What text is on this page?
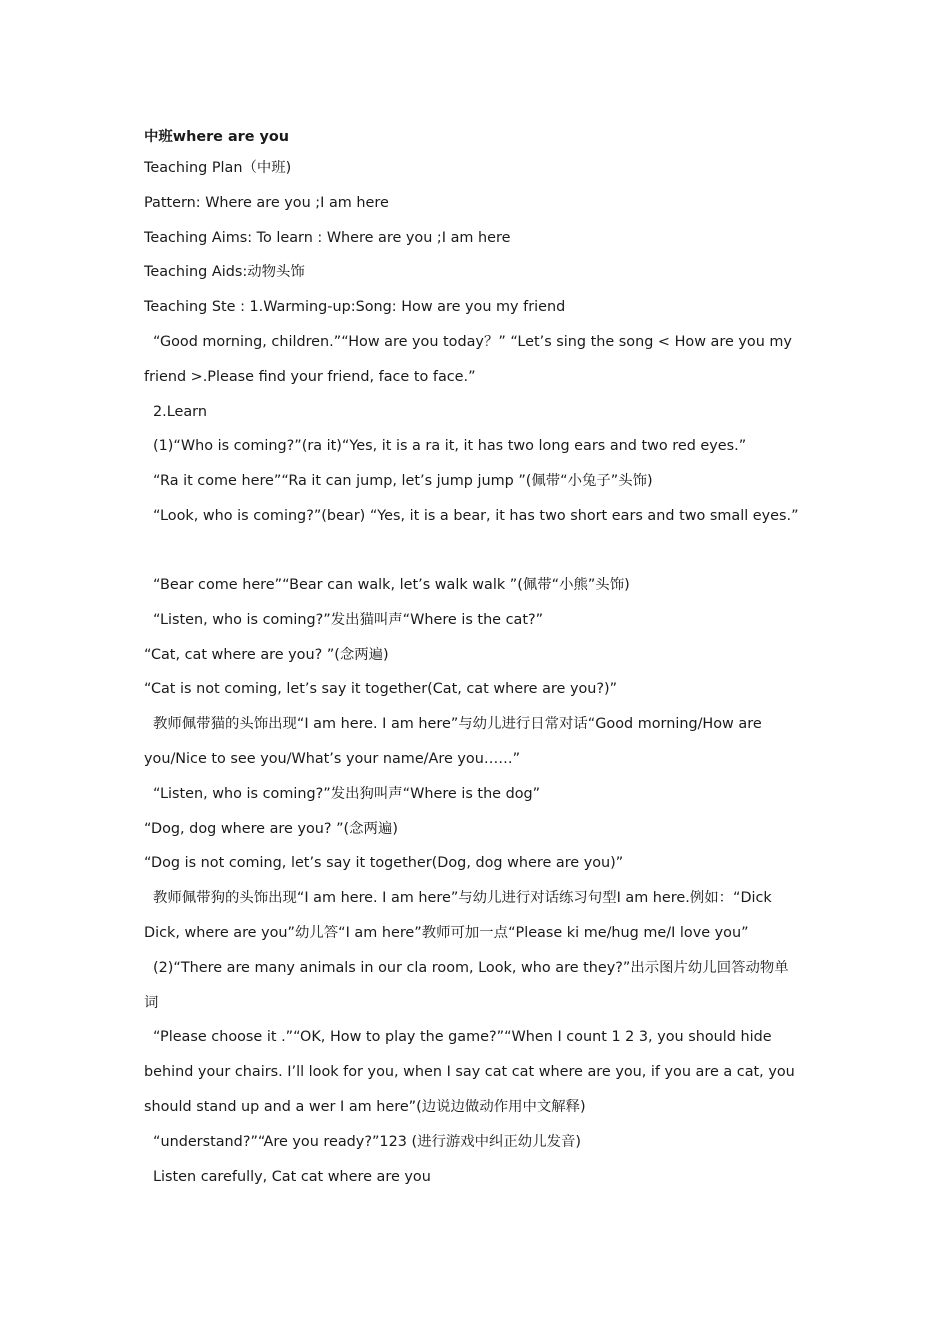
中班where are you
Teaching Plan（中班)
Pattern: Where are you ;I am here
Teaching Aims: To learn : Where are you ;I am here
Teaching Aids:动物头饰
Teaching Ste : 1.Warming-up:Song: How are you my friend
“Good morning, children.”“How are you today？” “Let’s sing the song < How are you my
friend >.Please find your friend, face to face.”
2.Learn
(1)“Who is coming?”(ra it)“Yes, it is a ra it, it has two long ears and two red eyes.”
“Ra it come here”“Ra it can jump, let’s jump jump ”(佩带“小兔子”头饰)
“Look, who is coming?”(bear) “Yes, it is a bear, it has two short ears and two small eyes.”
“Bear come here”“Bear can walk, let’s walk walk ”(佩带“小熊”头饰)
“Listen, who is coming?”发出猫叫声“Where is the cat?”
“Cat, cat where are you? ”(念两遍)
“Cat is not coming, let’s say it together(Cat, cat where are you?)”
教师佩带猫的头饰出现“I am here. I am here”与幼儿进行日常对话“Good morning/How are
you/Nice to see you/What’s your name/Are you……”
“Listen, who is coming?”发出狗叫声“Where is the dog”
“Dog, dog where are you? ”(念两遍)
“Dog is not coming, let’s say it together(Dog, dog where are you)”
教师佩带狗的头饰出现“I am here. I am here”与幼儿进行对话练习句型I am here.例如：“Dick
Dick, where are you”幼儿答“I am here”教师可加一点“Please ki me/hug me/I love you”
(2)“There are many animals in our cla room, Look, who are they?”出示图片幼儿回答动物单
词
“Please choose it .”“OK, How to play the game?”“When I count 1 2 3, you should hide
behind your chairs. I’ll look for you, when I say cat cat where are you, if you are a cat, you
should stand up and a wer I am here”(边说边做动作用中文解释)
“understand?”“Are you ready?”123 (进行游戏中纠正幼儿发音)
Listen carefully, Cat cat where are you
